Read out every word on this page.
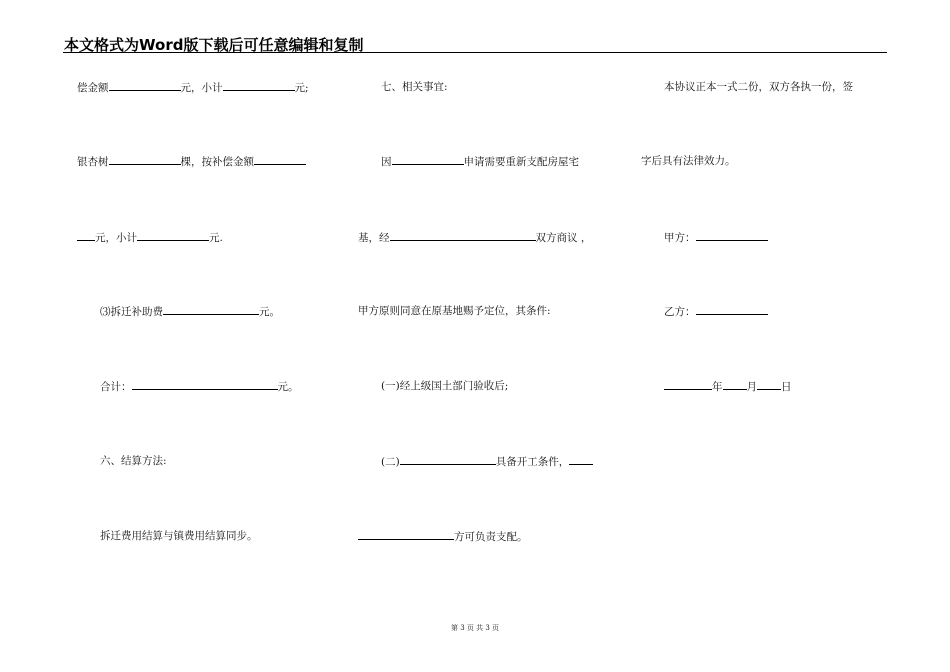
本文格式为Word版下载后可任意编辑和复制
偿金额	元，小计	元;
银杏树	棵，按补偿金额
元，小计	元.
⑶拆迁补助费	元。
合计：	元。
六、结算方法:
拆迁费用结算与镇费用结算同步。
七、相关事宜:
因	申请需要重新支配房屋宅
基，经	双方商议 ，
甲方原则同意在原基地赐予定位，其条件:
(一)经上级国土部门验收后;
(二)	具备开工条件，
方可负责支配。
本协议正本一式二份，双方各执一份，签
字后具有法律效力。
甲方：
乙方：
年 月 日
第 3 页 共 3 页
